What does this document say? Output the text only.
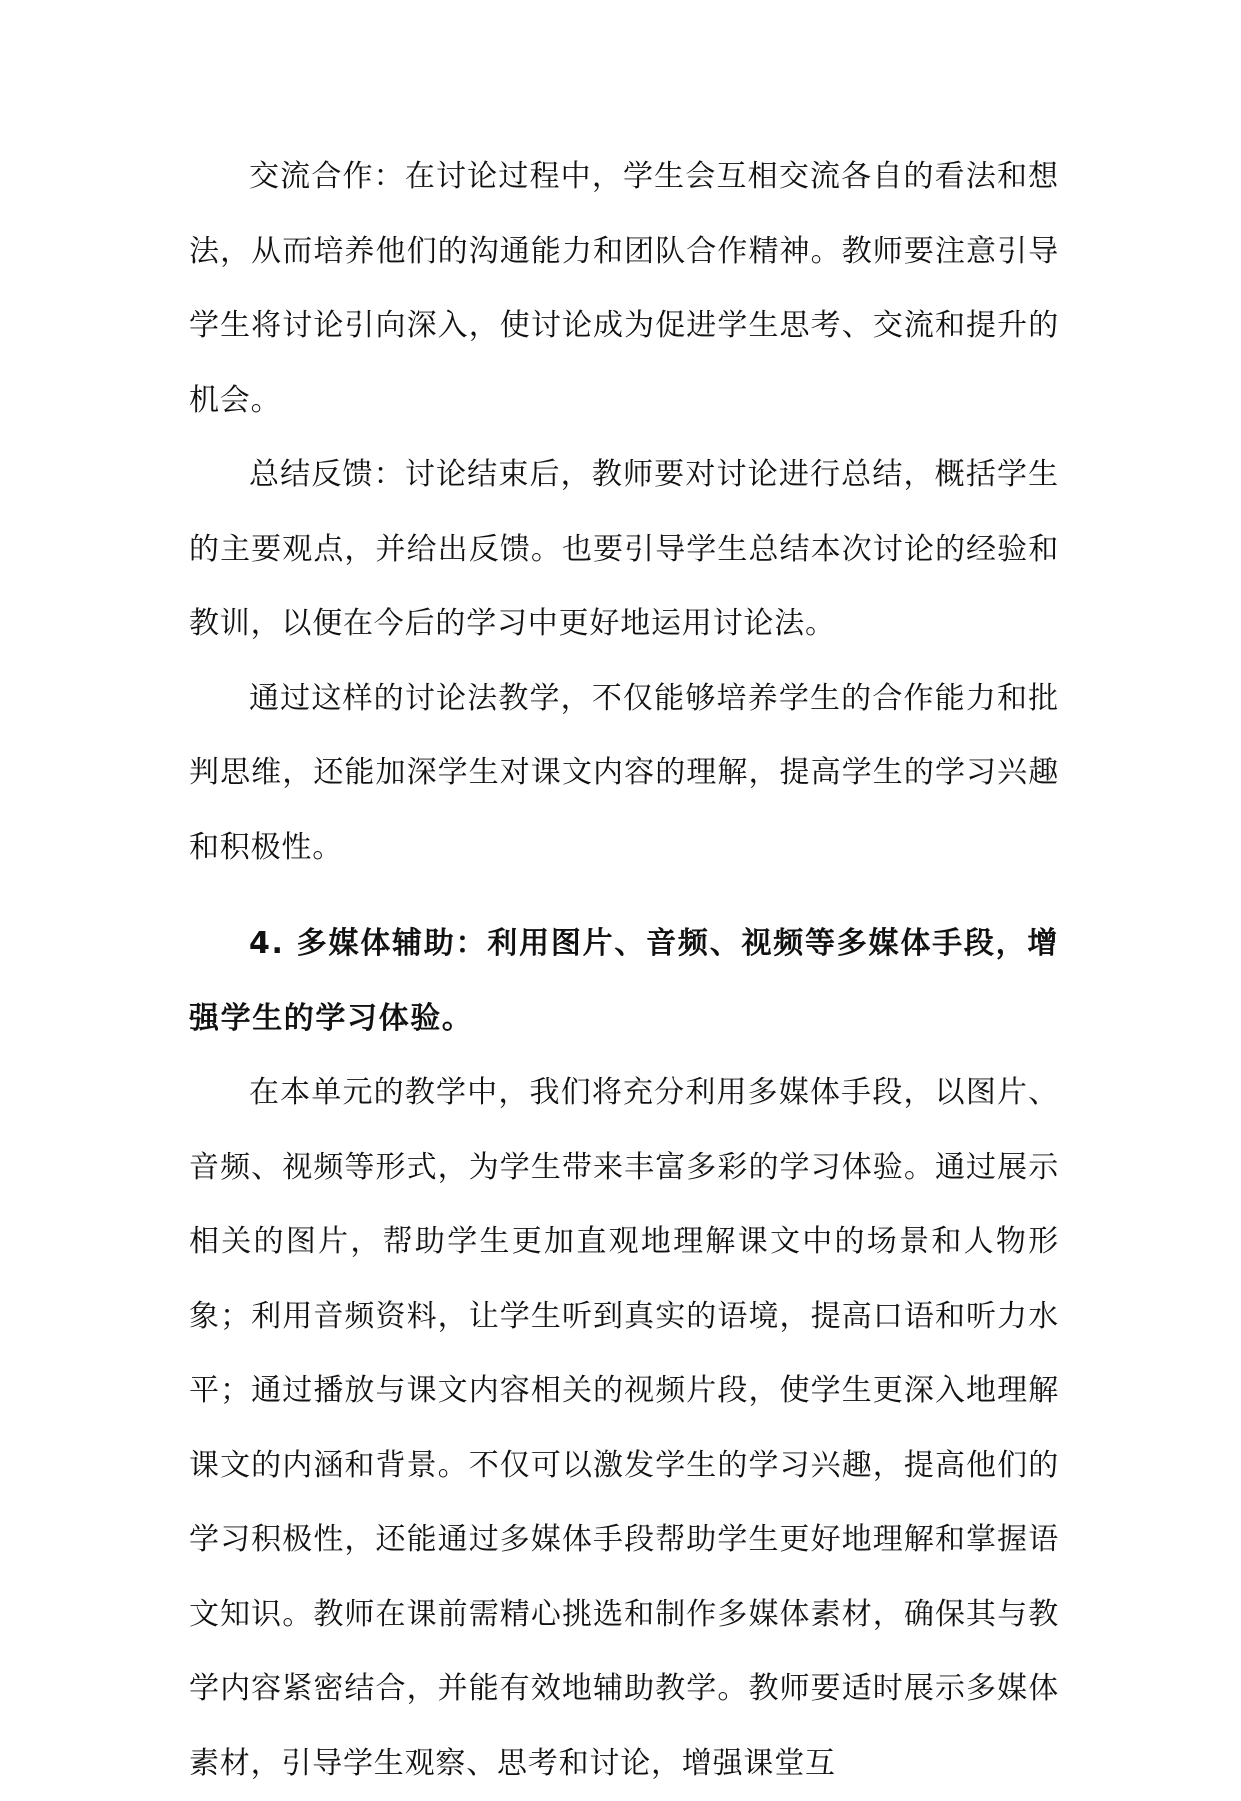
交流合作：在讨论过程中，学生会互相交流各自的看法和想法，从而培养他们的沟通能力和团队合作精神。教师要注意引导学生将讨论引向深入，使讨论成为促进学生思考、交流和提升的机会。

总结反馈：讨论结束后，教师要对讨论进行总结，概括学生的主要观点，并给出反馈。也要引导学生总结本次讨论的经验和教训，以便在今后的学习中更好地运用讨论法。

通过这样的讨论法教学，不仅能够培养学生的合作能力和批判思维，还能加深学生对课文内容的理解，提高学生的学习兴趣和积极性。

4. 多媒体辅助：利用图片、音频、视频等多媒体手段，增强学生的学习体验。

在本单元的教学中，我们将充分利用多媒体手段，以图片、音频、视频等形式，为学生带来丰富多彩的学习体验。通过展示相关的图片，帮助学生更加直观地理解课文中的场景和人物形象；利用音频资料，让学生听到真实的语境，提高口语和听力水平；通过播放与课文内容相关的视频片段，使学生更深入地理解课文的内涵和背景。不仅可以激发学生的学习兴趣，提高他们的学习积极性，还能通过多媒体手段帮助学生更好地理解和掌握语文知识。教师在课前需精心挑选和制作多媒体素材，确保其与教学内容紧密结合，并能有效地辅助教学。教师要适时展示多媒体素材，引导学生观察、思考和讨论，增强课堂互
